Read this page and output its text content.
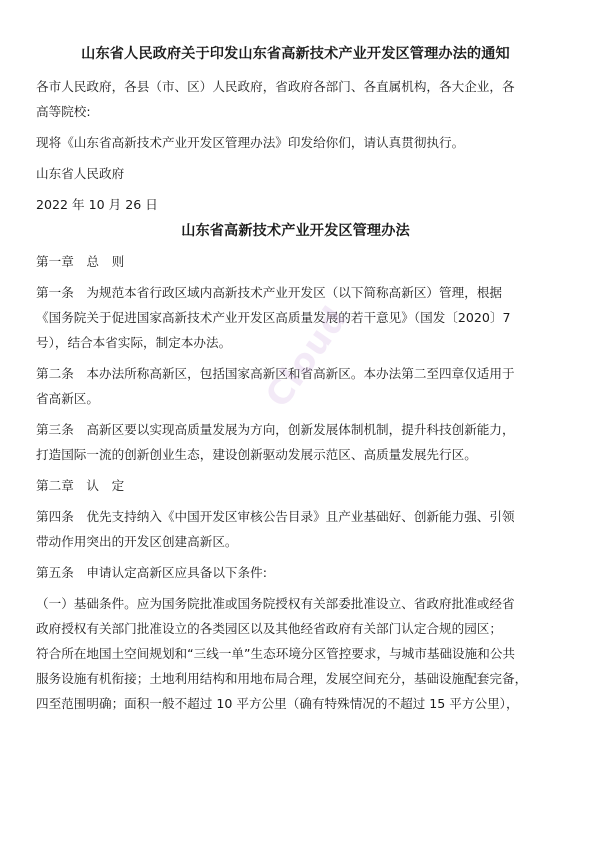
山东省人民政府关于印发山东省高新技术产业开发区管理办法的通知

各市人民政府，各县（市、区）人民政府，省政府各部门、各直属机构，各大企业，各

高等院校:

现将《山东省高新技术产业开发区管理办法》印发给你们，请认真贯彻执行。

山东省人民政府

2022 年 10 月 26 日

山东省高新技术产业开发区管理办法

第一章　总　则

第一条　为规范本省行政区域内高新技术产业开发区（以下简称高新区）管理，根据

《国务院关于促进国家高新技术产业开发区高质量发展的若干意见》（国发〔2020〕7

号），结合本省实际，制定本办法。

第二条　本办法所称高新区，包括国家高新区和省高新区。本办法第二至四章仅适用于

省高新区。

第三条　高新区要以实现高质量发展为方向，创新发展体制机制，提升科技创新能力，

打造国际一流的创新创业生态，建设创新驱动发展示范区、高质量发展先行区。

第二章　认　定

第四条　优先支持纳入《中国开发区审核公告目录》且产业基础好、创新能力强、引领

带动作用突出的开发区创建高新区。

第五条　申请认定高新区应具备以下条件:

（一）基础条件。应为国务院批准或国务院授权有关部委批准设立、省政府批准或经省

政府授权有关部门批准设立的各类园区以及其他经省政府有关部门认定合规的园区；

符合所在地国土空间规划和“三线一单”生态环境分区管控要求，与城市基础设施和公共

服务设施有机衔接；土地利用结构和用地布局合理，发展空间充分，基础设施配套完备，

四至范围明确；面积一般不超过 10 平方公里（确有特殊情况的不超过 15 平方公里），

Cloud
